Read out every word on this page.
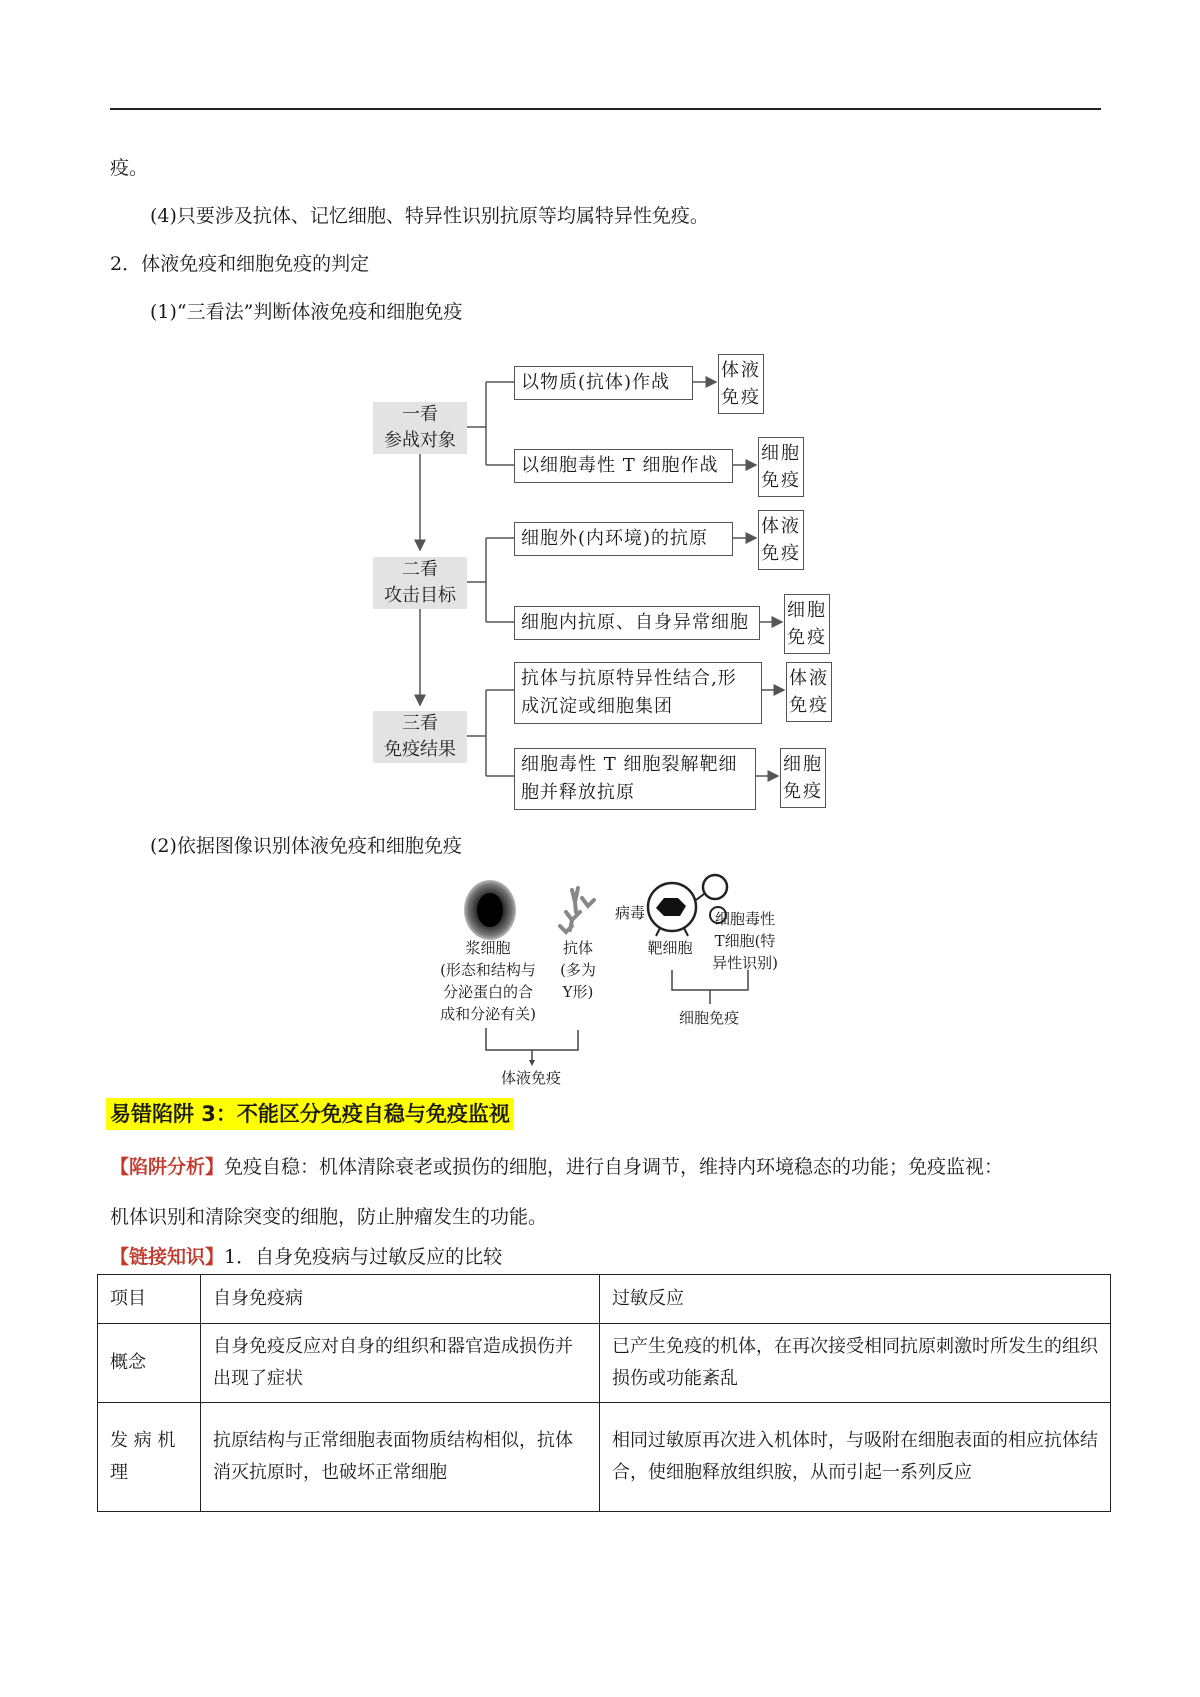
疫。
(4)只要涉及抗体、记忆细胞、特异性识别抗原等均属特异性免疫。
2．体液免疫和细胞免疫的判定
(1)“三看法”判断体液免疫和细胞免疫
一看
参战对象
二看
攻击目标
三看
免疫结果
以物质(抗体)作战
以细胞毒性 T 细胞作战
细胞外(内环境)的抗原
细胞内抗原、自身异常细胞
抗体与抗原特异性结合,形
成沉淀或细胞集团
细胞毒性 T 细胞裂解靶细
胞并释放抗原
体液
免疫
细胞
免疫
体液
免疫
细胞
免疫
体液
免疫
细胞
免疫
(2)依据图像识别体液免疫和细胞免疫
浆细胞
(形态和结构与
分泌蛋白的合
成和分泌有关)
抗体
(多为
Y形)
体液免疫
病毒
靶细胞
细胞毒性
T细胞(特
异性识别)
细胞免疫
易错陷阱 3：不能区分免疫自稳与免疫监视
【陷阱分析】免疫自稳：机体清除衰老或损伤的细胞，进行自身调节，维持内环境稳态的功能；免疫监视：
机体识别和清除突变的细胞，防止肿瘤发生的功能。
【链接知识】1．自身免疫病与过敏反应的比较
项目	自身免疫病	过敏反应
概念	自身免疫反应对自身的组织和器官造成损伤并出现了症状	已产生免疫的机体，在再次接受相同抗原刺激时所发生的组织损伤或功能紊乱
发 病 机 理	抗原结构与正常细胞表面物质结构相似，抗体消灭抗原时，也破坏正常细胞	相同过敏原再次进入机体时，与吸附在细胞表面的相应抗体结合，使细胞释放组织胺，从而引起一系列反应
